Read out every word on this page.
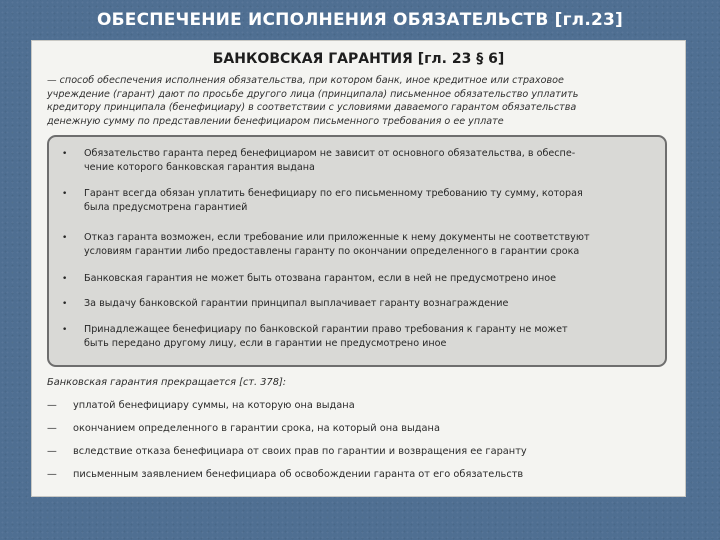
ОБЕСПЕЧЕНИЕ ИСПОЛНЕНИЯ ОБЯЗАТЕЛЬСТВ [гл.23]
БАНКОВСКАЯ ГАРАНТИЯ [гл. 23 § 6]
— способ обеспечения исполнения обязательства, при котором банк, иное кредитное или страховое
учреждение (гарант) дают по просьбе другого лица (принципала) письменное обязательство уплатить
кредитору принципала (бенефициару) в соответствии с условиями даваемого гарантом обязательства
денежную сумму по представлении бенефициаром письменного требования о ее уплате
• Обязательство гаранта перед бенефициаром не зависит от основного обязательства, в обеспе-
чение которого банковская гарантия выдана
• Гарант всегда обязан уплатить бенефициару по его письменному требованию ту сумму, которая
была предусмотрена гарантией
• Отказ гаранта возможен, если требование или приложенные к нему документы не соответствуют
условиям гарантии либо предоставлены гаранту по окончании определенного в гарантии срока
• Банковская гарантия не может быть отозвана гарантом, если в ней не предусмотрено иное
• За выдачу банковской гарантии принципал выплачивает гаранту вознаграждение
• Принадлежащее бенефициару по банковской гарантии право требования к гаранту не может
быть передано другому лицу, если в гарантии не предусмотрено иное
Банковская гарантия прекращается [ст. 378]:
— уплатой бенефициару суммы, на которую она выдана
— окончанием определенного в гарантии срока, на который она выдана
— вследствие отказа бенефициара от своих прав по гарантии и возвращения ее гаранту
— письменным заявлением бенефициара об освобождении гаранта от его обязательств
